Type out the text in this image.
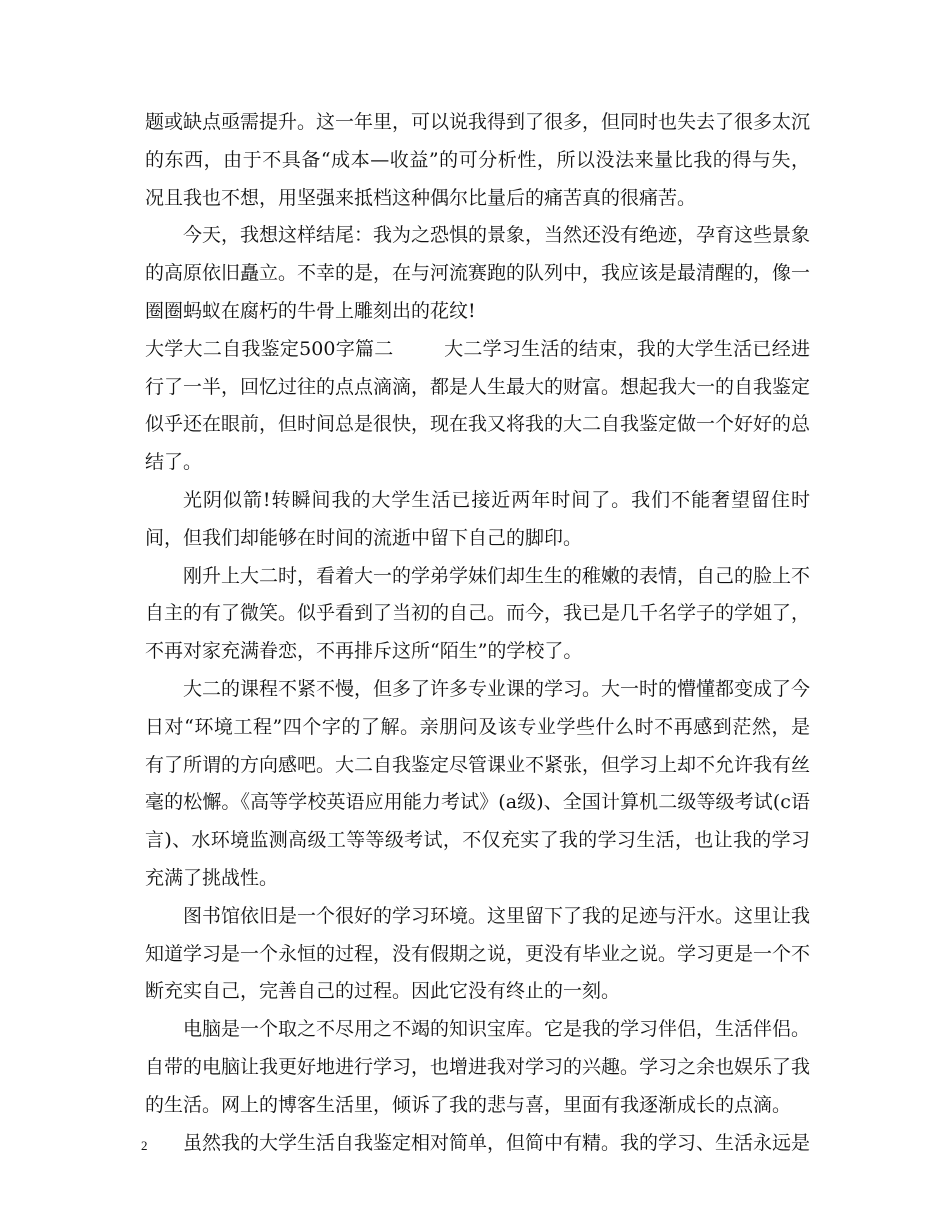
题或缺点亟需提升。这一年里，可以说我得到了很多，但同时也失去了很多太沉的东西，由于不具备“成本—收益”的可分析性，所以没法来量比我的得与失，况且我也不想，用坚强来抵档这种偶尔比量后的痛苦真的很痛苦。

今天，我想这样结尾：我为之恐惧的景象，当然还没有绝迹，孕育这些景象的高原依旧矗立。不幸的是，在与河流赛跑的队列中，我应该是最清醒的，像一圈圈蚂蚁在腐朽的牛骨上雕刻出的花纹!

大学大二自我鉴定500字篇二	大二学习生活的结束，我的大学生活已经进行了一半，回忆过往的点点滴滴，都是人生最大的财富。想起我大一的自我鉴定似乎还在眼前，但时间总是很快，现在我又将我的大二自我鉴定做一个好好的总结了。

光阴似箭!转瞬间我的大学生活已接近两年时间了。我们不能奢望留住时间，但我们却能够在时间的流逝中留下自己的脚印。

刚升上大二时，看着大一的学弟学妹们却生生的稚嫩的表情，自己的脸上不自主的有了微笑。似乎看到了当初的自己。而今，我已是几千名学子的学姐了，不再对家充满眷恋，不再排斥这所“陌生”的学校了。

大二的课程不紧不慢，但多了许多专业课的学习。大一时的懵懂都变成了今日对“环境工程”四个字的了解。亲朋问及该专业学些什么时不再感到茫然，是有了所谓的方向感吧。大二自我鉴定尽管课业不紧张，但学习上却不允许我有丝毫的松懈。《高等学校英语应用能力考试》(a级)、全国计算机二级等级考试(c语言)、水环境监测高级工等等级考试，不仅充实了我的学习生活，也让我的学习充满了挑战性。

图书馆依旧是一个很好的学习环境。这里留下了我的足迹与汗水。这里让我知道学习是一个永恒的过程，没有假期之说，更没有毕业之说。学习更是一个不断充实自己，完善自己的过程。因此它没有终止的一刻。

电脑是一个取之不尽用之不竭的知识宝库。它是我的学习伴侣，生活伴侣。自带的电脑让我更好地进行学习，也增进我对学习的兴趣。学习之余也娱乐了我的生活。网上的博客生活里，倾诉了我的悲与喜，里面有我逐渐成长的点滴。

虽然我的大学生活自我鉴定相对简单，但简中有精。我的学习、生活永远是

2
